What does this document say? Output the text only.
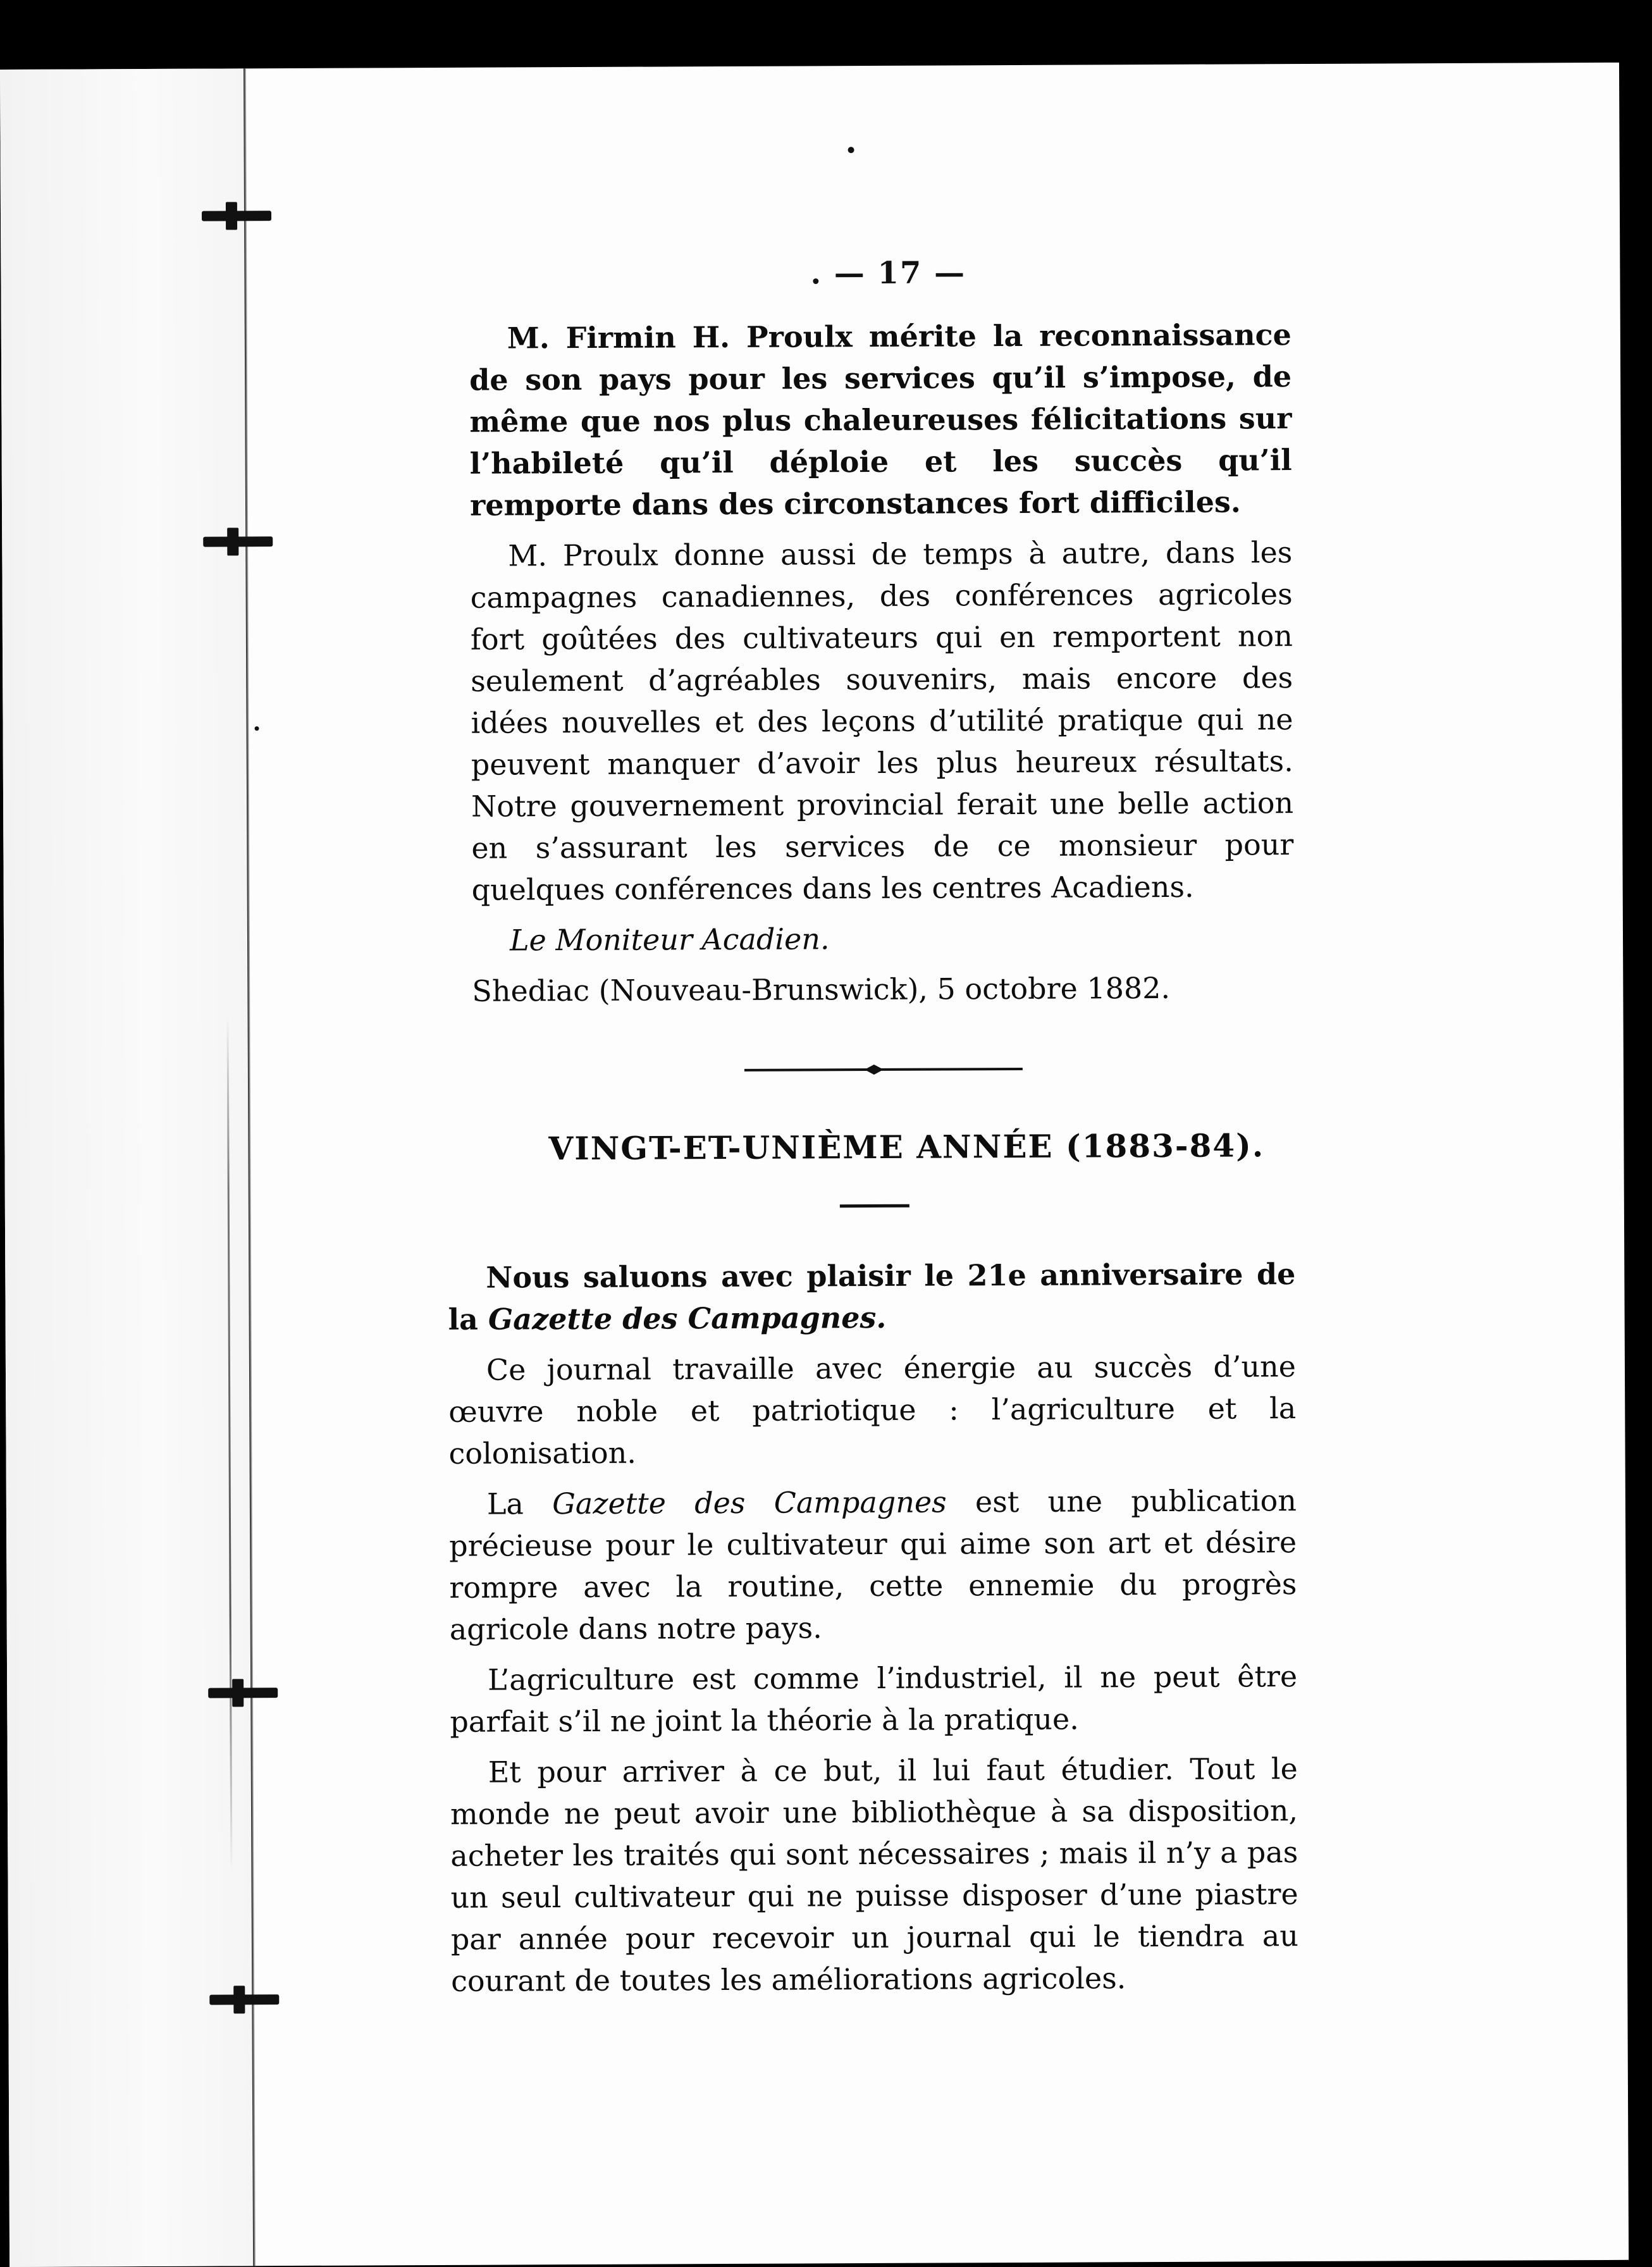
. — 17 —

M. Firmin H. Proulx mérite la reconnaissance de son pays pour les services qu’il s’impose, de même que nos plus chaleureuses félicitations sur l’habileté qu’il déploie et les succès qu’il remporte dans des circonstances fort difficiles.

M. Proulx donne aussi de temps à autre, dans les campagnes canadiennes, des conférences agricoles fort goûtées des cultivateurs qui en remportent non seulement d’agréables souvenirs, mais encore des idées nouvelles et des leçons d’utilité pratique qui ne peuvent manquer d’avoir les plus heureux résultats. Notre gouvernement provincial ferait une belle action en s’assurant les services de ce monsieur pour quelques conférences dans les centres Acadiens.

Le Moniteur Acadien.

Shediac (Nouveau-Brunswick), 5 octobre 1882.

VINGT-ET-UNIÈME ANNÉE (1883-84).

Nous saluons avec plaisir le 21e anniversaire de la Gazette des Campagnes.

Ce journal travaille avec énergie au succès d’une œuvre noble et patriotique : l’agriculture et la colonisation.

La Gazette des Campagnes est une publication précieuse pour le cultivateur qui aime son art et désire rompre avec la routine, cette ennemie du progrès agricole dans notre pays.

L’agriculture est comme l’industriel, il ne peut être parfait s’il ne joint la théorie à la pratique.

Et pour arriver à ce but, il lui faut étudier. Tout le monde ne peut avoir une bibliothèque à sa disposition, acheter les traités qui sont nécessaires ; mais il n’y a pas un seul cultivateur qui ne puisse disposer d’une piastre par année pour recevoir un journal qui le tiendra au courant de toutes les améliorations agricoles.
